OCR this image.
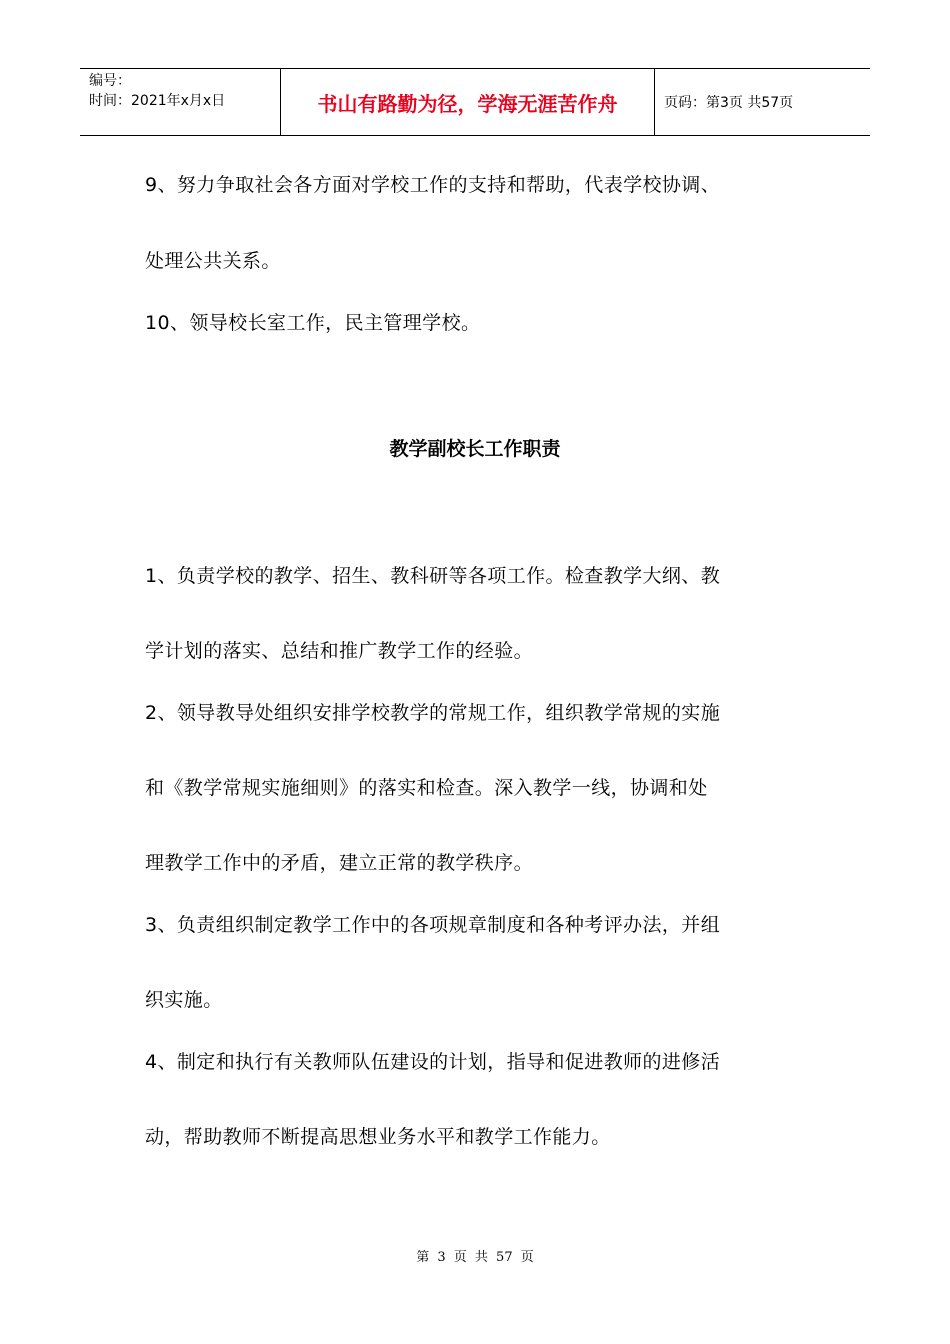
编号：
时间：2021年x月x日	书山有路勤为径，学海无涯苦作舟	页码：第3页 共57页
9、努力争取社会各方面对学校工作的支持和帮助，代表学校协调、
处理公共关系。
10、领导校长室工作，民主管理学校。
教学副校长工作职责
1、负责学校的教学、招生、教科研等各项工作。检查教学大纲、教
学计划的落实、总结和推广教学工作的经验。
2、领导教导处组织安排学校教学的常规工作，组织教学常规的实施
和《教学常规实施细则》的落实和检查。深入教学一线，协调和处
理教学工作中的矛盾，建立正常的教学秩序。
3、负责组织制定教学工作中的各项规章制度和各种考评办法，并组
织实施。
4、制定和执行有关教师队伍建设的计划，指导和促进教师的进修活
动，帮助教师不断提高思想业务水平和教学工作能力。
第 3 页 共 57 页
